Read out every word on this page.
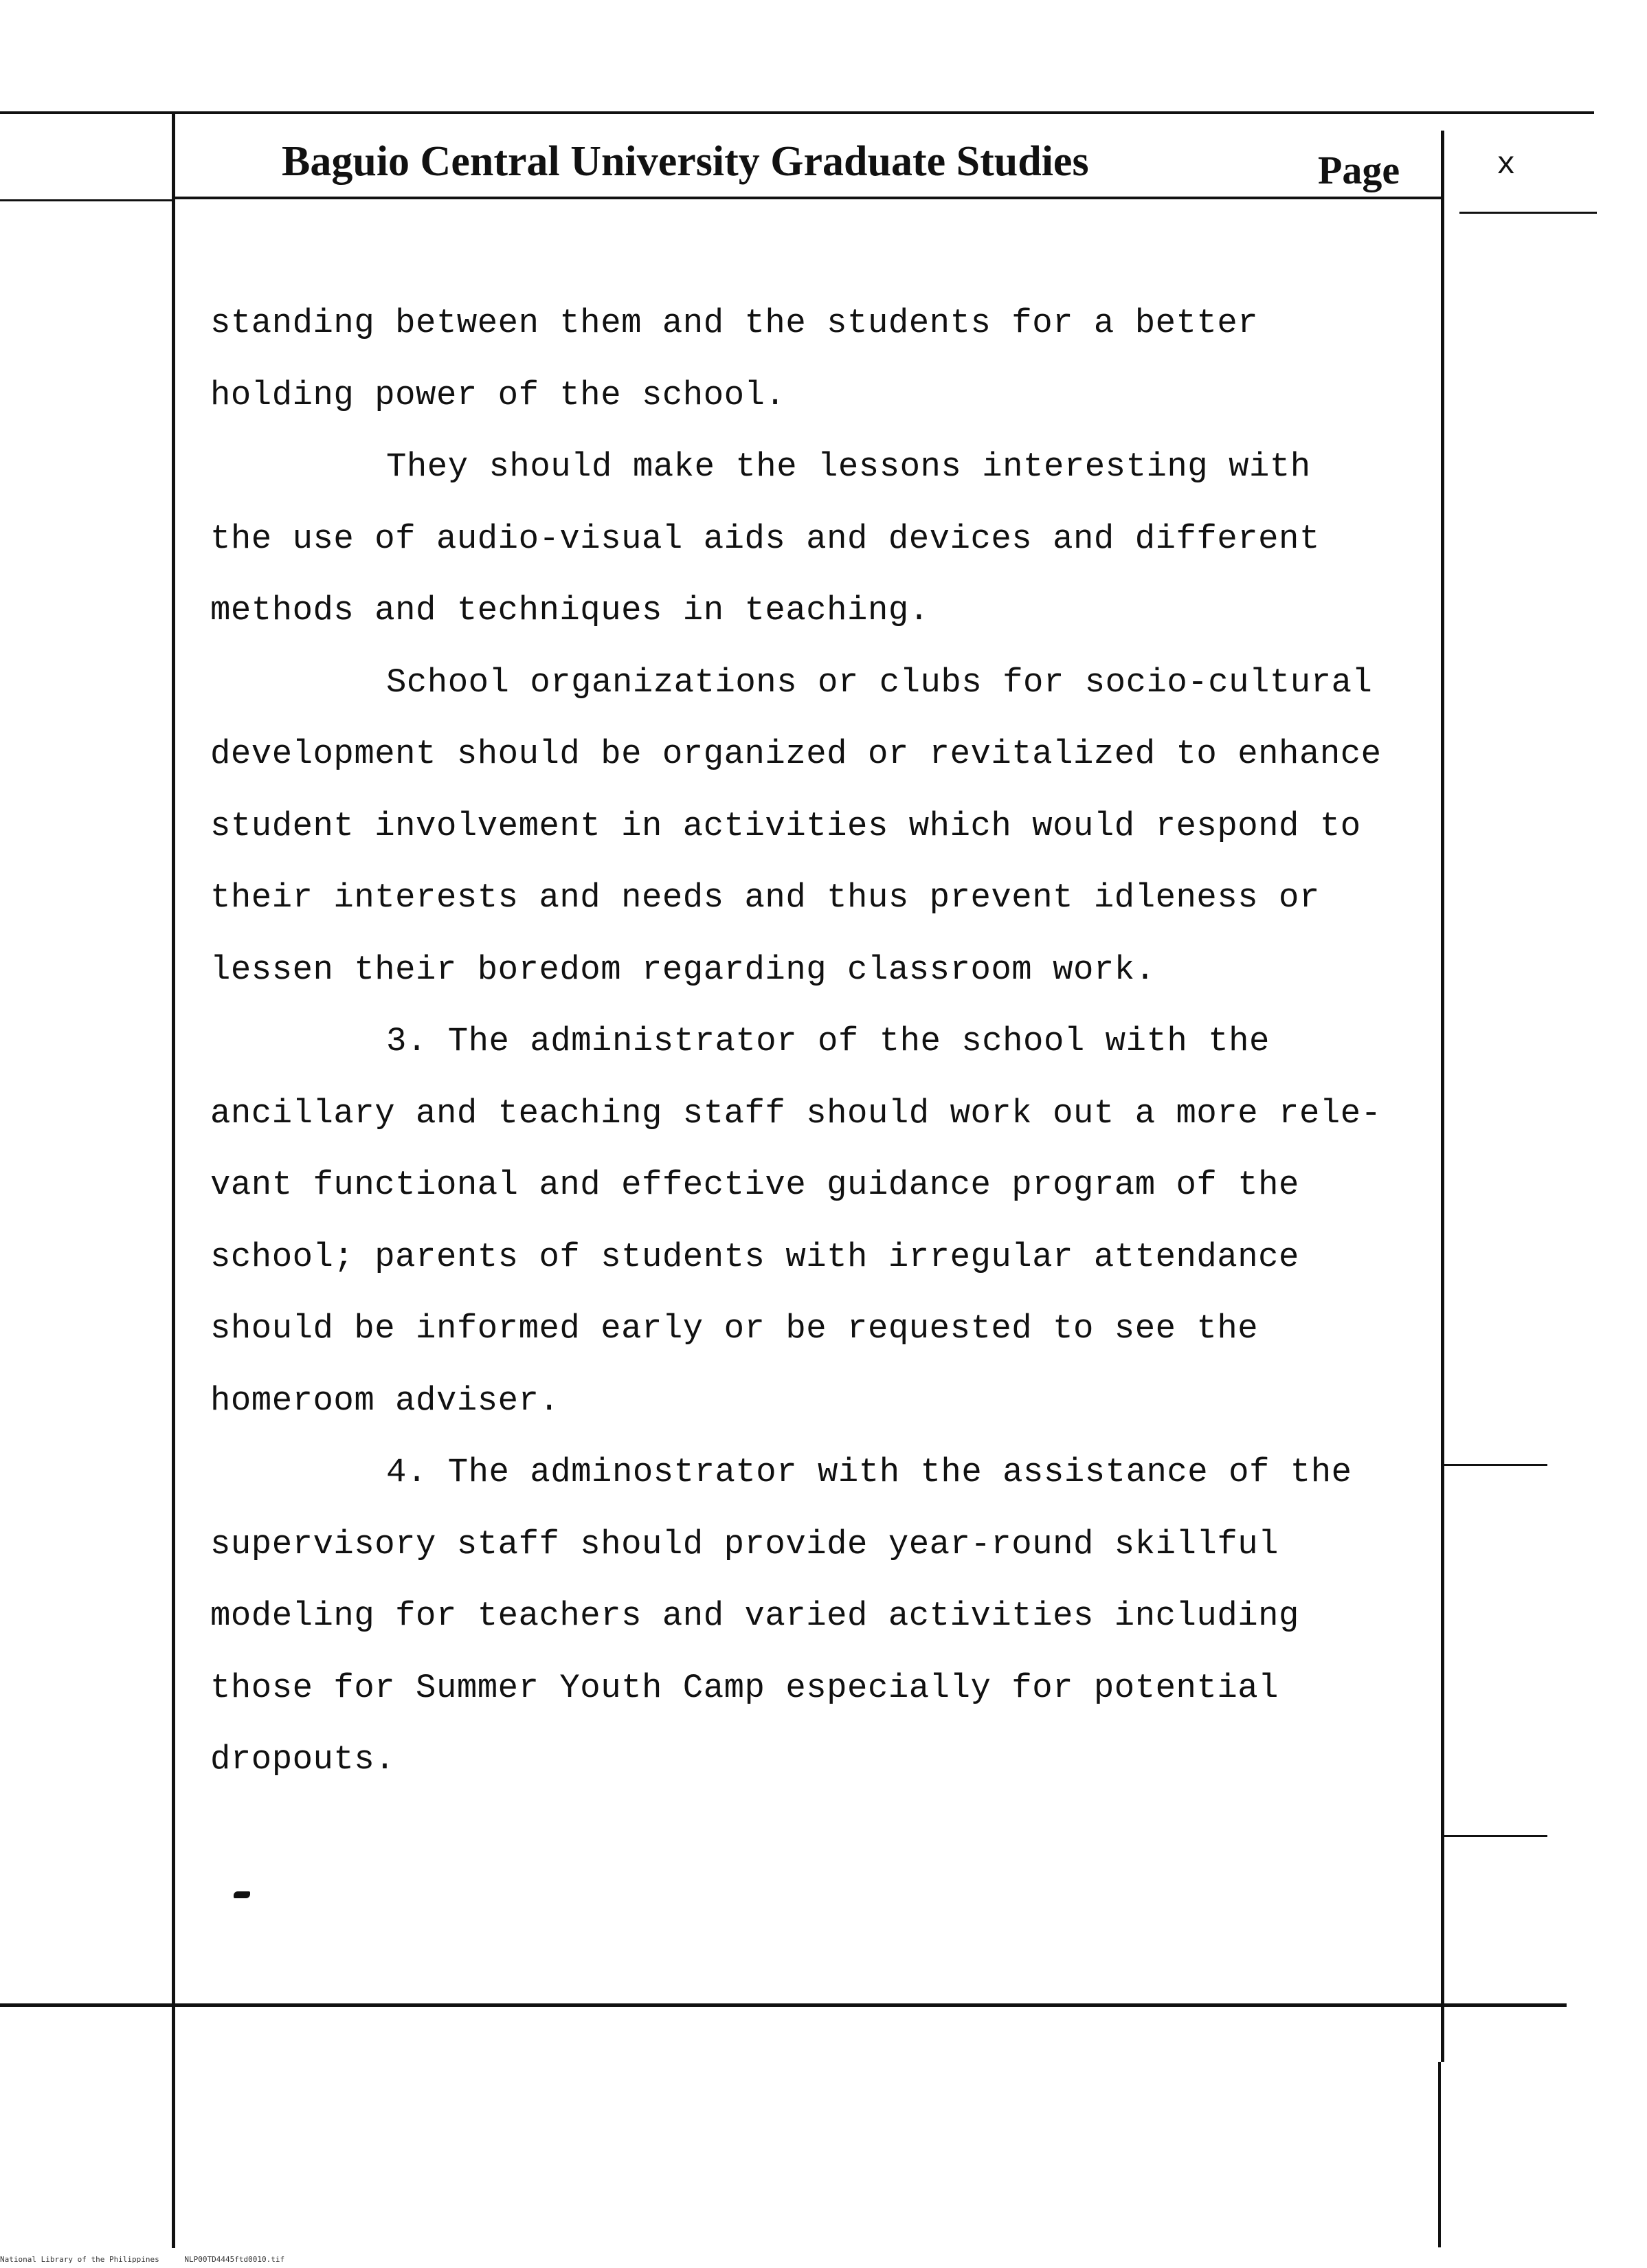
Baguio Central University Graduate Studies	Page	x
standing between them and the students for a better
holding power of the school.
They should make the lessons interesting with
the use of audio-visual aids and devices and different
methods and techniques in teaching.
School organizations or clubs for socio-cultural
development should be organized or revitalized to enhance
student involvement in activities which would respond to
their interests and needs and thus prevent idleness or
lessen their boredom regarding classroom work.
3. The administrator of the school with the
ancillary and teaching staff should work out a more rele-
vant functional and effective guidance program of the
school; parents of students with irregular attendance
should be informed early or be requested to see the
homeroom adviser.
4. The adminostrator with the assistance of the
supervisory staff should provide year-round skillful
modeling for teachers and varied activities including
those for Summer Youth Camp especially for potential
dropouts.
National Library of the Philippines	NLP00TD4445ftd0010.tif
